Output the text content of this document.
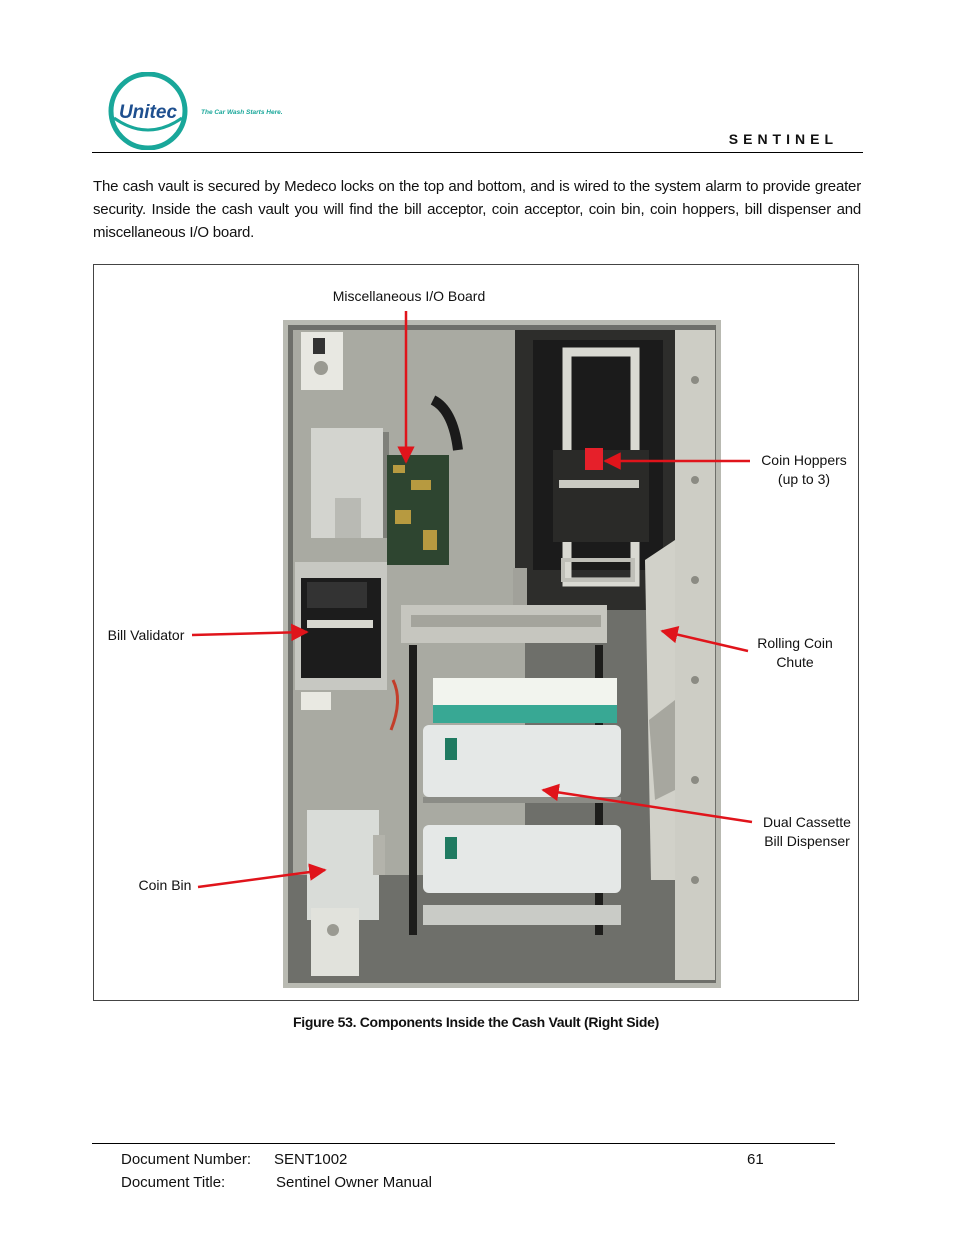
Unitec	The Car Wash Starts Here.
SENTINEL

The cash vault is secured by Medeco locks on the top and bottom, and is wired to the system alarm to provide greater security. Inside the cash vault you will find the bill acceptor, coin acceptor, coin bin, coin hoppers, bill dispenser and miscellaneous I/O board.

Miscellaneous I/O Board
Coin Hoppers
(up to 3)
Bill Validator	Rolling Coin
Chute
Dual Cassette
Bill Dispenser
Coin Bin
Figure 53. Components Inside the Cash Vault (Right Side)
Document Number: SENT1002	61
Document Title:	Sentinel Owner Manual
